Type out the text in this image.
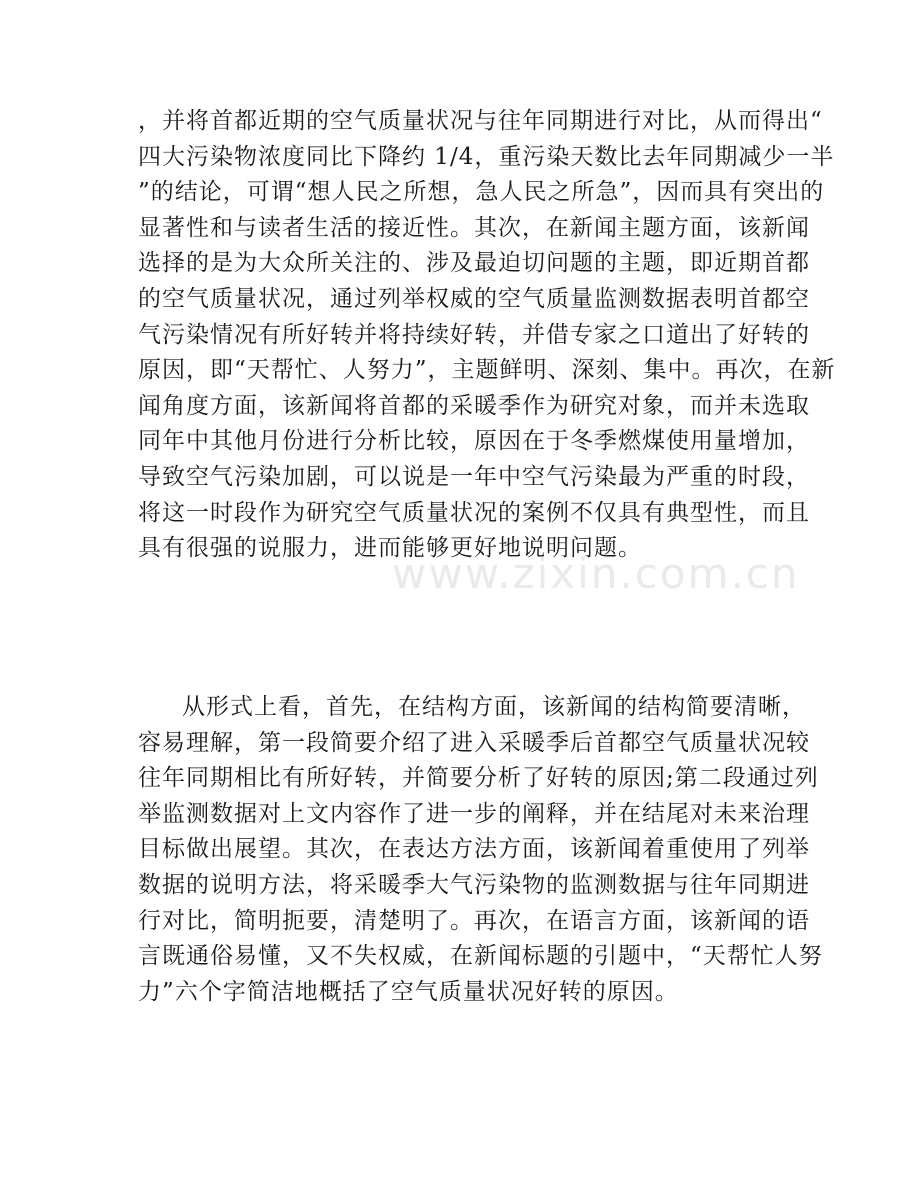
，并将首都近期的空气质量状况与往年同期进行对比，从而得出“
四大污染物浓度同比下降约 1/4，重污染天数比去年同期减少一半
”的结论，可谓“想人民之所想，急人民之所急”，因而具有突出的
显著性和与读者生活的接近性。其次，在新闻主题方面，该新闻
选择的是为大众所关注的、涉及最迫切问题的主题，即近期首都
的空气质量状况，通过列举权威的空气质量监测数据表明首都空
气污染情况有所好转并将持续好转，并借专家之口道出了好转的
原因，即“天帮忙、人努力”，主题鲜明、深刻、集中。再次，在新
闻角度方面，该新闻将首都的采暖季作为研究对象，而并未选取
同年中其他月份进行分析比较，原因在于冬季燃煤使用量增加，
导致空气污染加剧，可以说是一年中空气污染最为严重的时段，
将这一时段作为研究空气质量状况的案例不仅具有典型性，而且
具有很强的说服力，进而能够更好地说明问题。
从形式上看，首先，在结构方面，该新闻的结构简要清晰，
容易理解，第一段简要介绍了进入采暖季后首都空气质量状况较
往年同期相比有所好转，并简要分析了好转的原因;第二段通过列
举监测数据对上文内容作了进一步的阐释，并在结尾对未来治理
目标做出展望。其次，在表达方法方面，该新闻着重使用了列举
数据的说明方法，将采暖季大气污染物的监测数据与往年同期进
行对比，简明扼要，清楚明了。再次，在语言方面，该新闻的语
言既通俗易懂，又不失权威，在新闻标题的引题中，“天帮忙人努
力”六个字简洁地概括了空气质量状况好转的原因。
www.zixin.com.cn
